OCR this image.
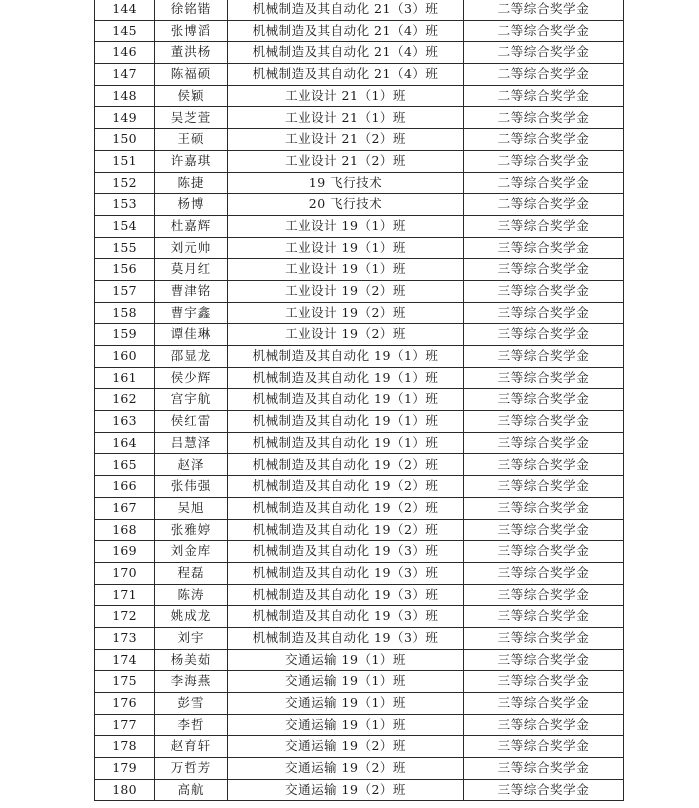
144	徐铭锴	机械制造及其自动化 21（3）班	二等综合奖学金
145	张博滔	机械制造及其自动化 21（4）班	二等综合奖学金
146	董洪杨	机械制造及其自动化 21（4）班	二等综合奖学金
147	陈福硕	机械制造及其自动化 21（4）班	二等综合奖学金
148	侯颖	工业设计 21（1）班	二等综合奖学金
149	吴芝萱	工业设计 21（1）班	二等综合奖学金
150	王硕	工业设计 21（2）班	二等综合奖学金
151	许嘉琪	工业设计 21（2）班	二等综合奖学金
152	陈捷	19 飞行技术	二等综合奖学金
153	杨博	20 飞行技术	二等综合奖学金
154	杜嘉辉	工业设计 19（1）班	三等综合奖学金
155	刘元帅	工业设计 19（1）班	三等综合奖学金
156	莫月红	工业设计 19（1）班	三等综合奖学金
157	曹津铭	工业设计 19（2）班	三等综合奖学金
158	曹宇鑫	工业设计 19（2）班	三等综合奖学金
159	谭佳琳	工业设计 19（2）班	三等综合奖学金
160	邵显龙	机械制造及其自动化 19（1）班	三等综合奖学金
161	侯少辉	机械制造及其自动化 19（1）班	三等综合奖学金
162	宫宇航	机械制造及其自动化 19（1）班	三等综合奖学金
163	侯红雷	机械制造及其自动化 19（1）班	三等综合奖学金
164	吕慧泽	机械制造及其自动化 19（1）班	三等综合奖学金
165	赵泽	机械制造及其自动化 19（2）班	三等综合奖学金
166	张伟强	机械制造及其自动化 19（2）班	三等综合奖学金
167	吴旭	机械制造及其自动化 19（2）班	三等综合奖学金
168	张雅婷	机械制造及其自动化 19（2）班	三等综合奖学金
169	刘金库	机械制造及其自动化 19（3）班	三等综合奖学金
170	程磊	机械制造及其自动化 19（3）班	三等综合奖学金
171	陈涛	机械制造及其自动化 19（3）班	三等综合奖学金
172	姚成龙	机械制造及其自动化 19（3）班	三等综合奖学金
173	刘宇	机械制造及其自动化 19（3）班	三等综合奖学金
174	杨美茹	交通运输 19（1）班	三等综合奖学金
175	李海燕	交通运输 19（1）班	三等综合奖学金
176	彭雪	交通运输 19（1）班	三等综合奖学金
177	李哲	交通运输 19（1）班	三等综合奖学金
178	赵育轩	交通运输 19（2）班	三等综合奖学金
179	万哲芳	交通运输 19（2）班	三等综合奖学金
180	高航	交通运输 19（2）班	三等综合奖学金
